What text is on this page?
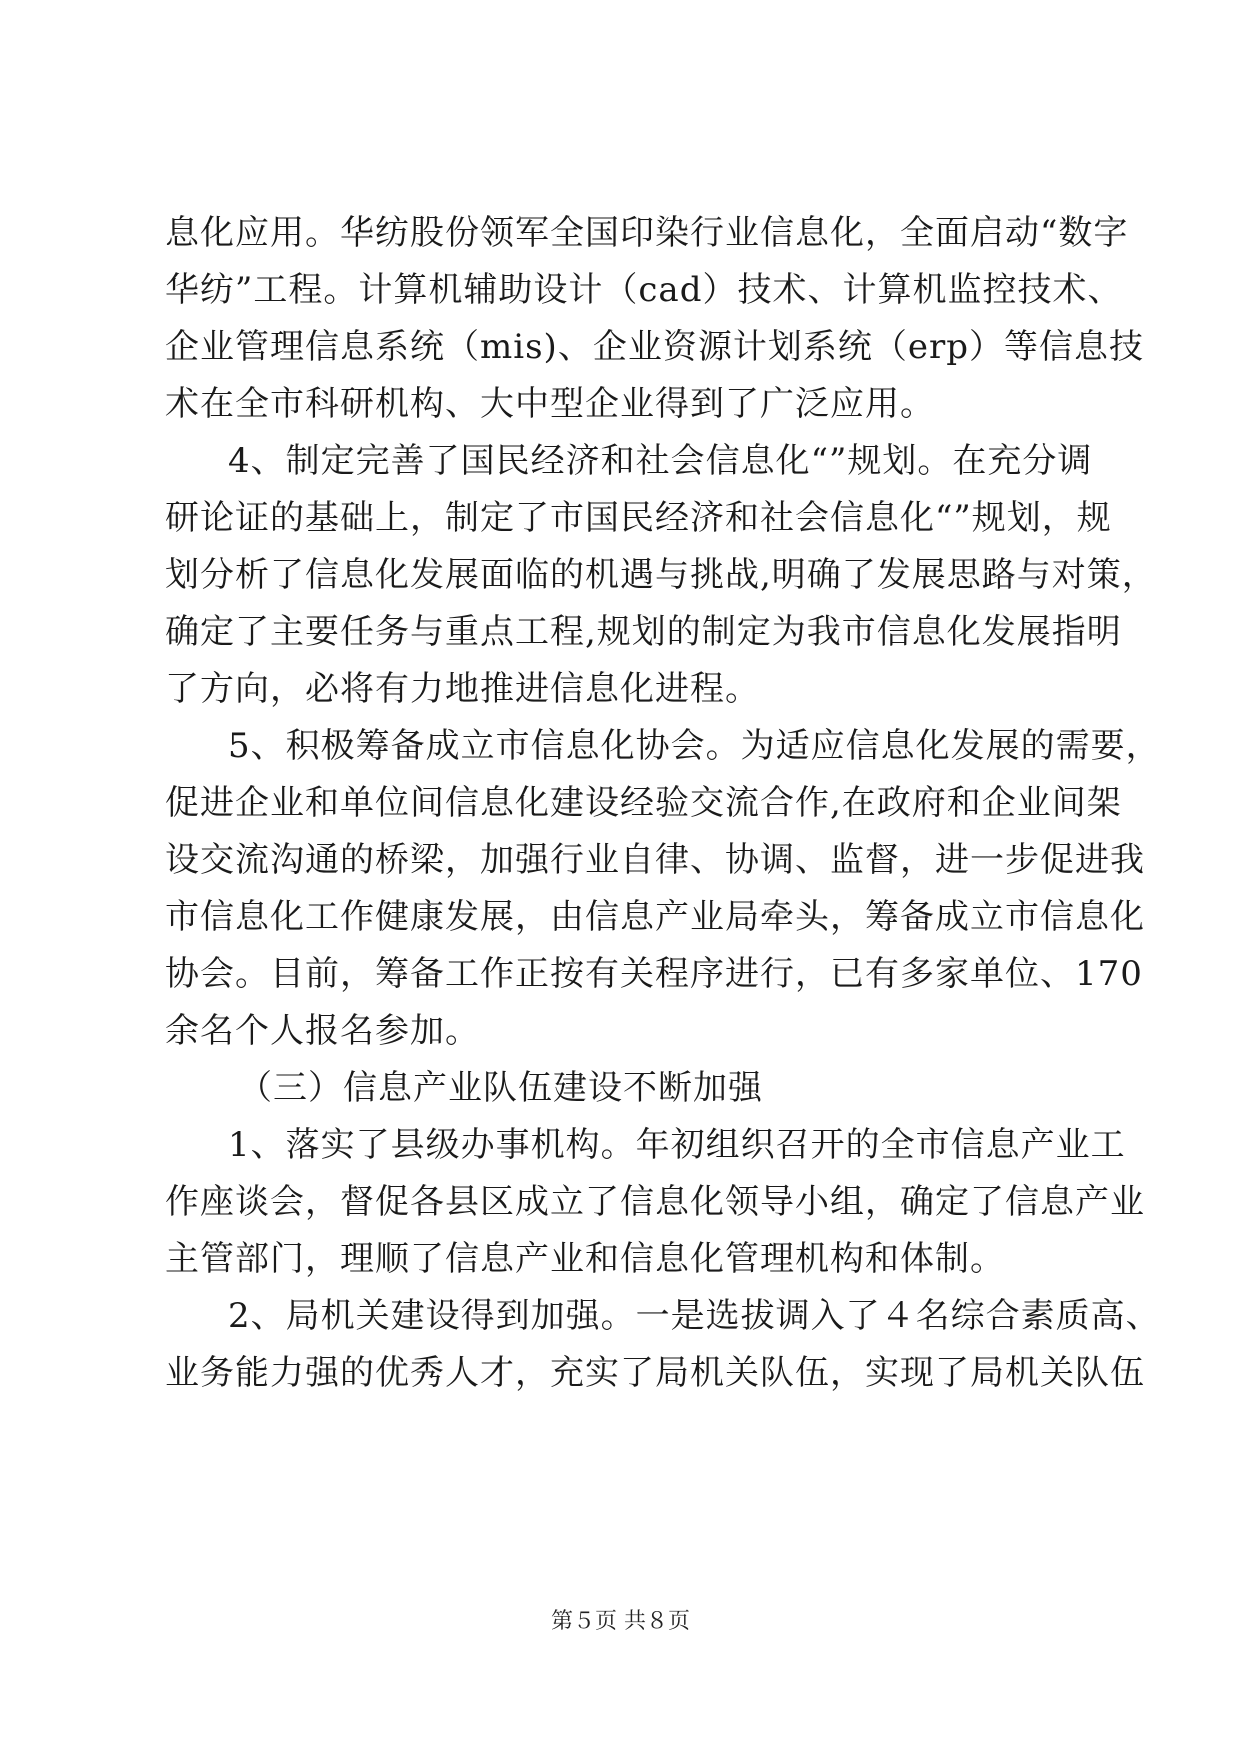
息化应用。华纺股份领军全国印染行业信息化，全面启动“数字
华纺”工程。计算机辅助设计（cad）技术、计算机监控技术、
企业管理信息系统（mis)、企业资源计划系统（erp）等信息技
术在全市科研机构、大中型企业得到了广泛应用。
4、制定完善了国民经济和社会信息化“”规划。在充分调
研论证的基础上，制定了市国民经济和社会信息化“”规划，规
划分析了信息化发展面临的机遇与挑战,明确了发展思路与对策，
确定了主要任务与重点工程,规划的制定为我市信息化发展指明
了方向，必将有力地推进信息化进程。
5、积极筹备成立市信息化协会。为适应信息化发展的需要，
促进企业和单位间信息化建设经验交流合作,在政府和企业间架
设交流沟通的桥梁，加强行业自律、协调、监督，进一步促进我
市信息化工作健康发展，由信息产业局牵头，筹备成立市信息化
协会。目前，筹备工作正按有关程序进行，已有多家单位、170
余名个人报名参加。
（三）信息产业队伍建设不断加强
1、落实了县级办事机构。年初组织召开的全市信息产业工
作座谈会，督促各县区成立了信息化领导小组，确定了信息产业
主管部门，理顺了信息产业和信息化管理机构和体制。
2、局机关建设得到加强。一是选拔调入了４名综合素质高、
业务能力强的优秀人才，充实了局机关队伍，实现了局机关队伍
第５页 共８页
